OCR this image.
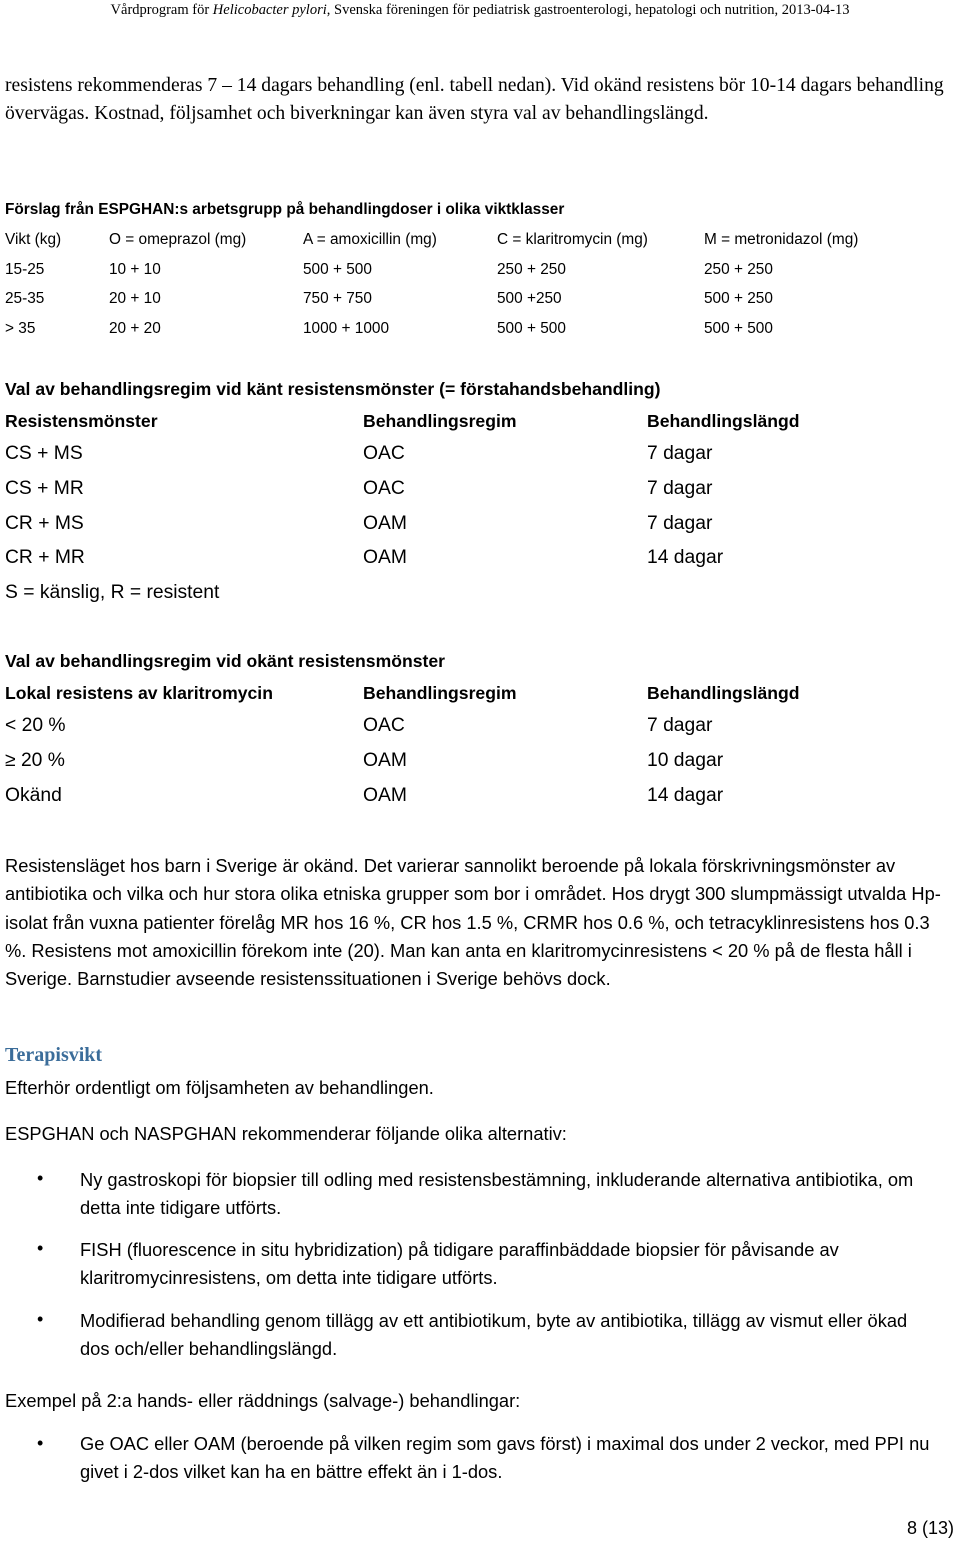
Vårdprogram för Helicobacter pylori, Svenska föreningen för pediatrisk gastroenterologi, hepatologi och nutrition, 2013-04-13
resistens rekommenderas 7 – 14 dagars behandling (enl. tabell nedan). Vid okänd resistens bör 10-14 dagars behandling övervägas. Kostnad, följsamhet och biverkningar kan även styra val av behandlingslängd.
Förslag från ESPGHAN:s arbetsgrupp på behandlingdoser i olika viktklasser
Vikt (kg)	O = omeprazol (mg)	A = amoxicillin (mg)	C = klaritromycin (mg)	M = metronidazol (mg)
15-25	10 + 10	500 + 500	250 + 250	250 + 250
25-35	20 + 10	750 + 750	500 +250	500 + 250
> 35	20 + 20	1000 + 1000	500 + 500	500 + 500
Val av behandlingsregim vid känt resistensmönster (= förstahandsbehandling)
Resistensmönster	Behandlingsregim	Behandlingslängd
CS + MS	OAC	7 dagar
CS + MR	OAC	7 dagar
CR + MS	OAM	7 dagar
CR + MR	OAM	14 dagar
S = känslig, R = resistent
Val av behandlingsregim vid okänt resistensmönster
Lokal resistens av klaritromycin	Behandlingsregim	Behandlingslängd
< 20 %	OAC	7 dagar
≥ 20 %	OAM	10 dagar
Okänd	OAM	14 dagar
Resistensläget hos barn i Sverige är okänd. Det varierar sannolikt beroende på lokala förskrivningsmönster av antibiotika och vilka och hur stora olika etniska grupper som bor i området. Hos drygt 300 slumpmässigt utvalda Hp-isolat från vuxna patienter förelåg MR hos 16 %, CR hos 1.5 %, CRMR hos 0.6 %, och tetracyklinresistens hos 0.3 %. Resistens mot amoxicillin förekom inte (20). Man kan anta en klaritromycinresistens < 20 % på de flesta håll i Sverige. Barnstudier avseende resistenssituationen i Sverige behövs dock.
Terapisvikt
Efterhör ordentligt om följsamheten av behandlingen.
ESPGHAN och NASPGHAN rekommenderar följande olika alternativ:
• Ny gastroskopi för biopsier till odling med resistensbestämning, inkluderande alternativa antibiotika, om detta inte tidigare utförts.
• FISH (fluorescence in situ hybridization) på tidigare paraffinbäddade biopsier för påvisande av klaritromycinresistens, om detta inte tidigare utförts.
• Modifierad behandling genom tillägg av ett antibiotikum, byte av antibiotika, tillägg av vismut eller ökad dos och/eller behandlingslängd.
Exempel på 2:a hands- eller räddnings (salvage-) behandlingar:
• Ge OAC eller OAM (beroende på vilken regim som gavs först) i maximal dos under 2 veckor, med PPI nu givet i 2-dos vilket kan ha en bättre effekt än i 1-dos.
8 (13)
